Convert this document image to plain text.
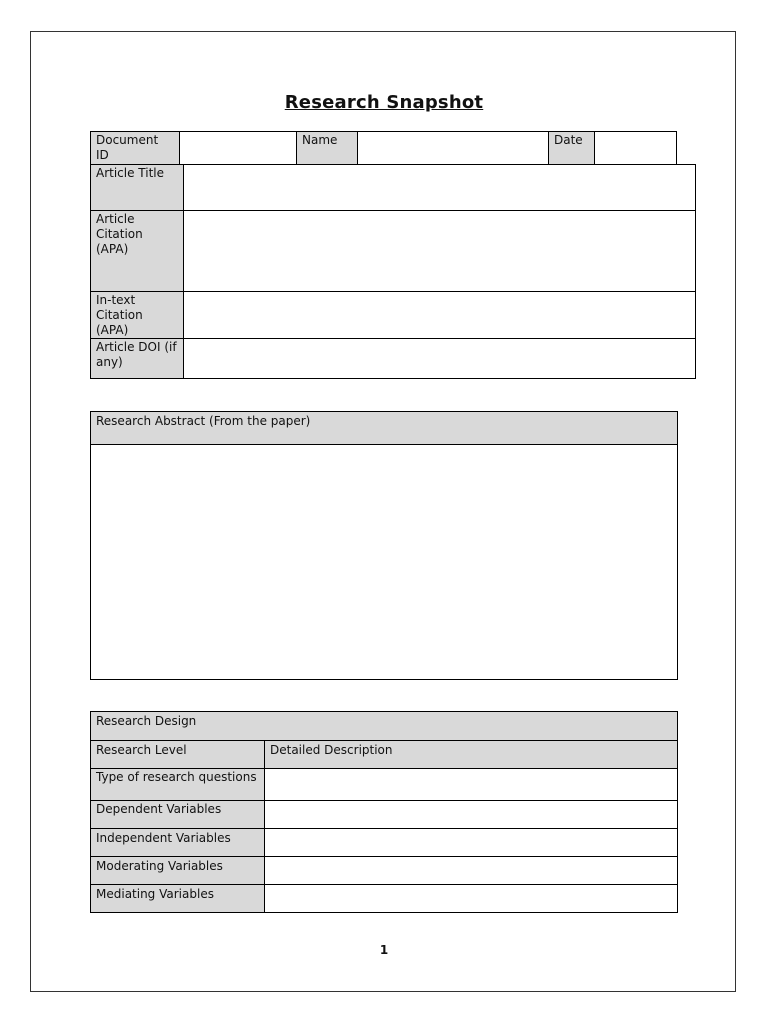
Research Snapshot
Document ID
Name	Date
Article Title
Article Citation (APA)
In-text Citation (APA)
Article DOI (if any)
Research Abstract (From the paper)
Research Design
Research Level	Detailed Description
Type of research questions
Dependent Variables
Independent Variables
Moderating Variables
Mediating Variables
1
